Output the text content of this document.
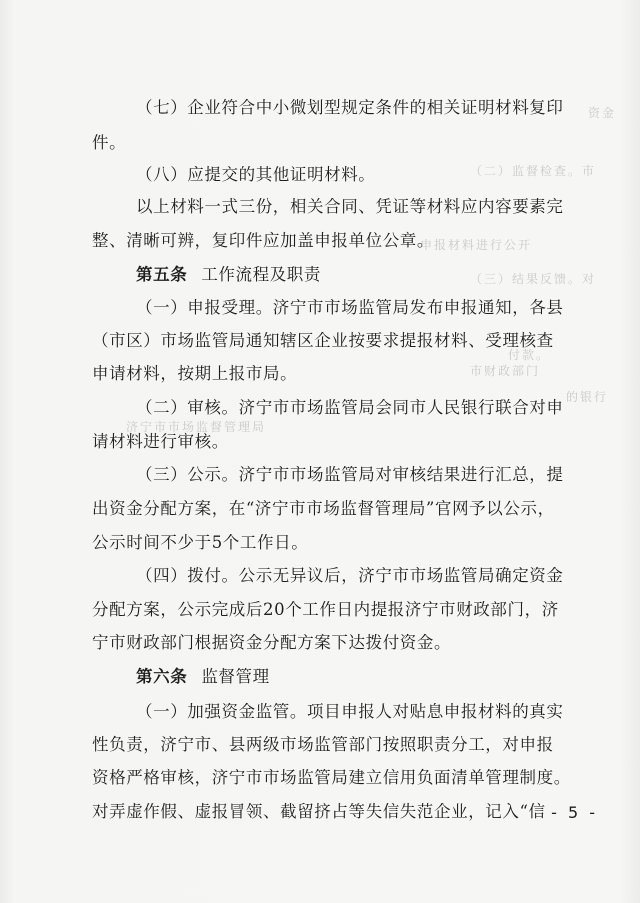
资金
（二）监督检查。市
申报材料进行公开
（三）结果反馈。对
付款。
市财政部门
的银行
济宁市市场监督管理局
（七）企业符合中小微划型规定条件的相关证明材料复印
件。
（八）应提交的其他证明材料。
以上材料一式三份，相关合同、凭证等材料应内容要素完
整、清晰可辨，复印件应加盖申报单位公章。
第五条 工作流程及职责
（一）申报受理。济宁市市场监管局发布申报通知，各县
（市区）市场监管局通知辖区企业按要求提报材料、受理核查
申请材料，按期上报市局。
（二）审核。济宁市市场监管局会同市人民银行联合对申
请材料进行审核。
（三）公示。济宁市市场监管局对审核结果进行汇总，提
出资金分配方案，在“济宁市市场监督管理局”官网予以公示，
公示时间不少于5个工作日。
（四）拨付。公示无异议后，济宁市市场监管局确定资金
分配方案，公示完成后20个工作日内提报济宁市财政部门，济
宁市财政部门根据资金分配方案下达拨付资金。
第六条 监督管理
（一）加强资金监管。项目申报人对贴息申报材料的真实
性负责，济宁市、县两级市场监管部门按照职责分工，对申报
资格严格审核，济宁市市场监管局建立信用负面清单管理制度。
对弄虚作假、虚报冒领、截留挤占等失信失范企业，记入“信 - 5 -
